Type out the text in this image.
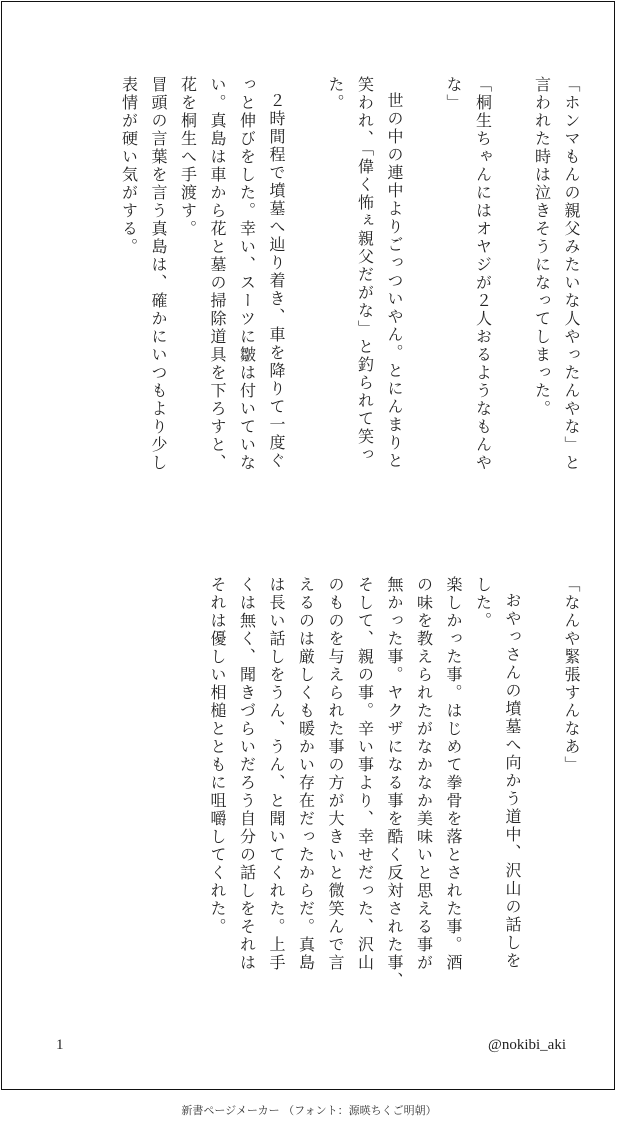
「ホンマもんの親父みたいな人やったんやな」と
言われた時は泣きそうになってしまった。
「桐生ちゃんにはオヤジが２人おるようなもんや
な」
世の中の連中よりごっついやん。とにんまりと
笑われ、「偉く怖ぇ親父だがな」と釣られて笑っ
た。
２時間程で墳墓へ辿り着き、車を降りて一度ぐ
っと伸びをした。幸い、スーツに皺は付いていな
い。真島は車から花と墓の掃除道具を下ろすと、
花を桐生へ手渡す。
冒頭の言葉を言う真島は、確かにいつもより少し
表情が硬い気がする。
「なんや緊張すんなあ」
おやっさんの墳墓へ向かう道中、沢山の話しを
した。
楽しかった事。はじめて拳骨を落とされた事。酒
の味を教えられたがなかなか美味いと思える事が
無かった事。ヤクザになる事を酷く反対された事、
そして、親の事。辛い事より、幸せだった、沢山
のものを与えられた事の方が大きいと微笑んで言
えるのは厳しくも暖かい存在だったからだ。真島
は長い話しをうん、うん、と聞いてくれた。上手
くは無く、聞きづらいだろう自分の話しをそれは
それは優しい相槌とともに咀嚼してくれた。
1	@nokibi_aki
新書ページメーカー （フォント：源暎ちくご明朝）
